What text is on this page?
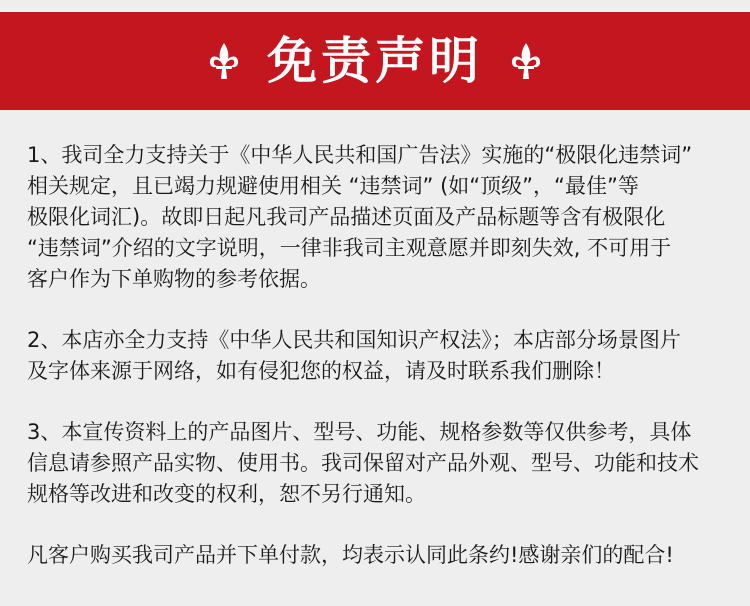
免责声明

1、我司全力支持关于《中华人民共和国广告法》实施的“极限化违禁词”
相关规定，且已竭力规避使用相关 “违禁词” (如“顶级”，“最佳”等
极限化词汇)。故即日起凡我司产品描述页面及产品标题等含有极限化
“违禁词”介绍的文字说明，一律非我司主观意愿并即刻失效, 不可用于
客户作为下单购物的参考依据。

2、本店亦全力支持《中华人民共和国知识产权法》；本店部分场景图片
及字体来源于网络，如有侵犯您的权益，请及时联系我们删除！

3、本宣传资料上的产品图片、型号、功能、规格参数等仅供参考，具体
信息请参照产品实物、使用书。我司保留对产品外观、型号、功能和技术
规格等改进和改变的权利，恕不另行通知。

凡客户购买我司产品并下单付款，均表示认同此条约!感谢亲们的配合!
